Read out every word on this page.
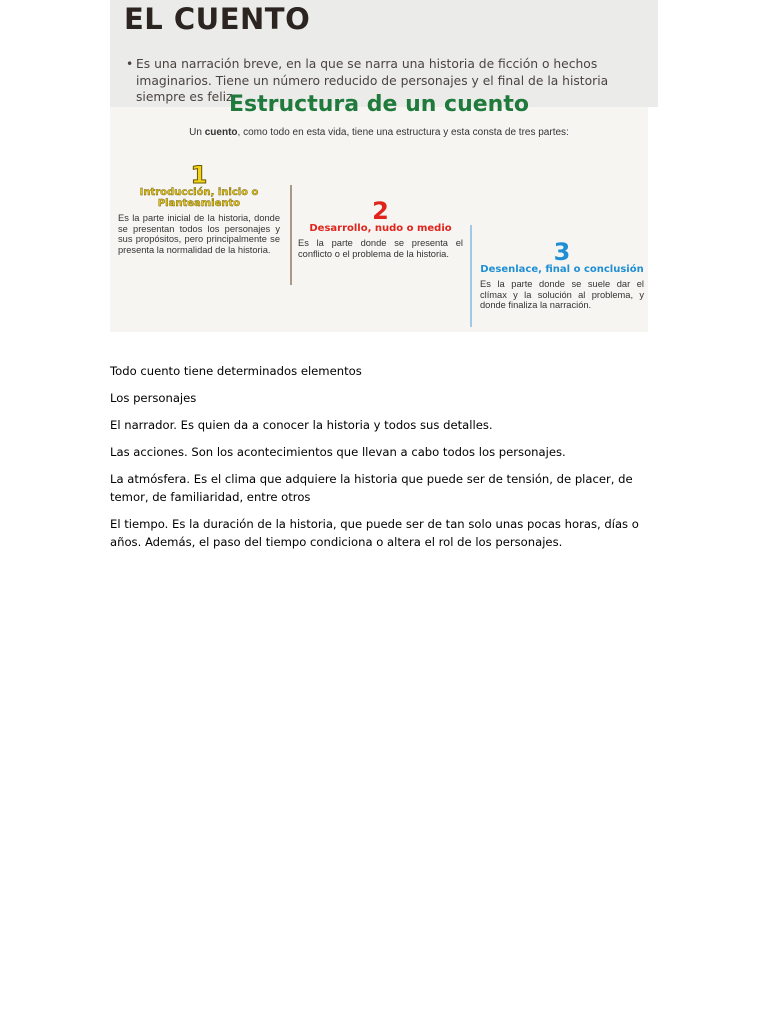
EL CUENTO
• Es una narración breve, en la que se narra una historia de ficción o hechos imaginarios. Tiene un número reducido de personajes y el final de la historia siempre es feliz.
Estructura de un cuento
Un cuento, como todo en esta vida, tiene una estructura y esta consta de tres partes:
1
Introducción, inicio o Planteamiento
Es la parte inicial de la historia, donde se presentan todos los personajes y sus propósitos, pero principalmente se presenta la normalidad de la historia.
2
Desarrollo, nudo o medio
Es la parte donde se presenta el conflicto o el problema de la historia.	3
Desenlace, final o conclusión
Es la parte donde se suele dar el clímax y la solución al problema, y donde finaliza la narración.

Todo cuento tiene determinados elementos

Los personajes

El narrador. Es quien da a conocer la historia y todos sus detalles.

Las acciones. Son los acontecimientos que llevan a cabo todos los personajes.

La atmósfera. Es el clima que adquiere la historia que puede ser de tensión, de placer, de temor, de familiaridad, entre otros

El tiempo. Es la duración de la historia, que puede ser de tan solo unas pocas horas, días o años. Además, el paso del tiempo condiciona o altera el rol de los personajes.
